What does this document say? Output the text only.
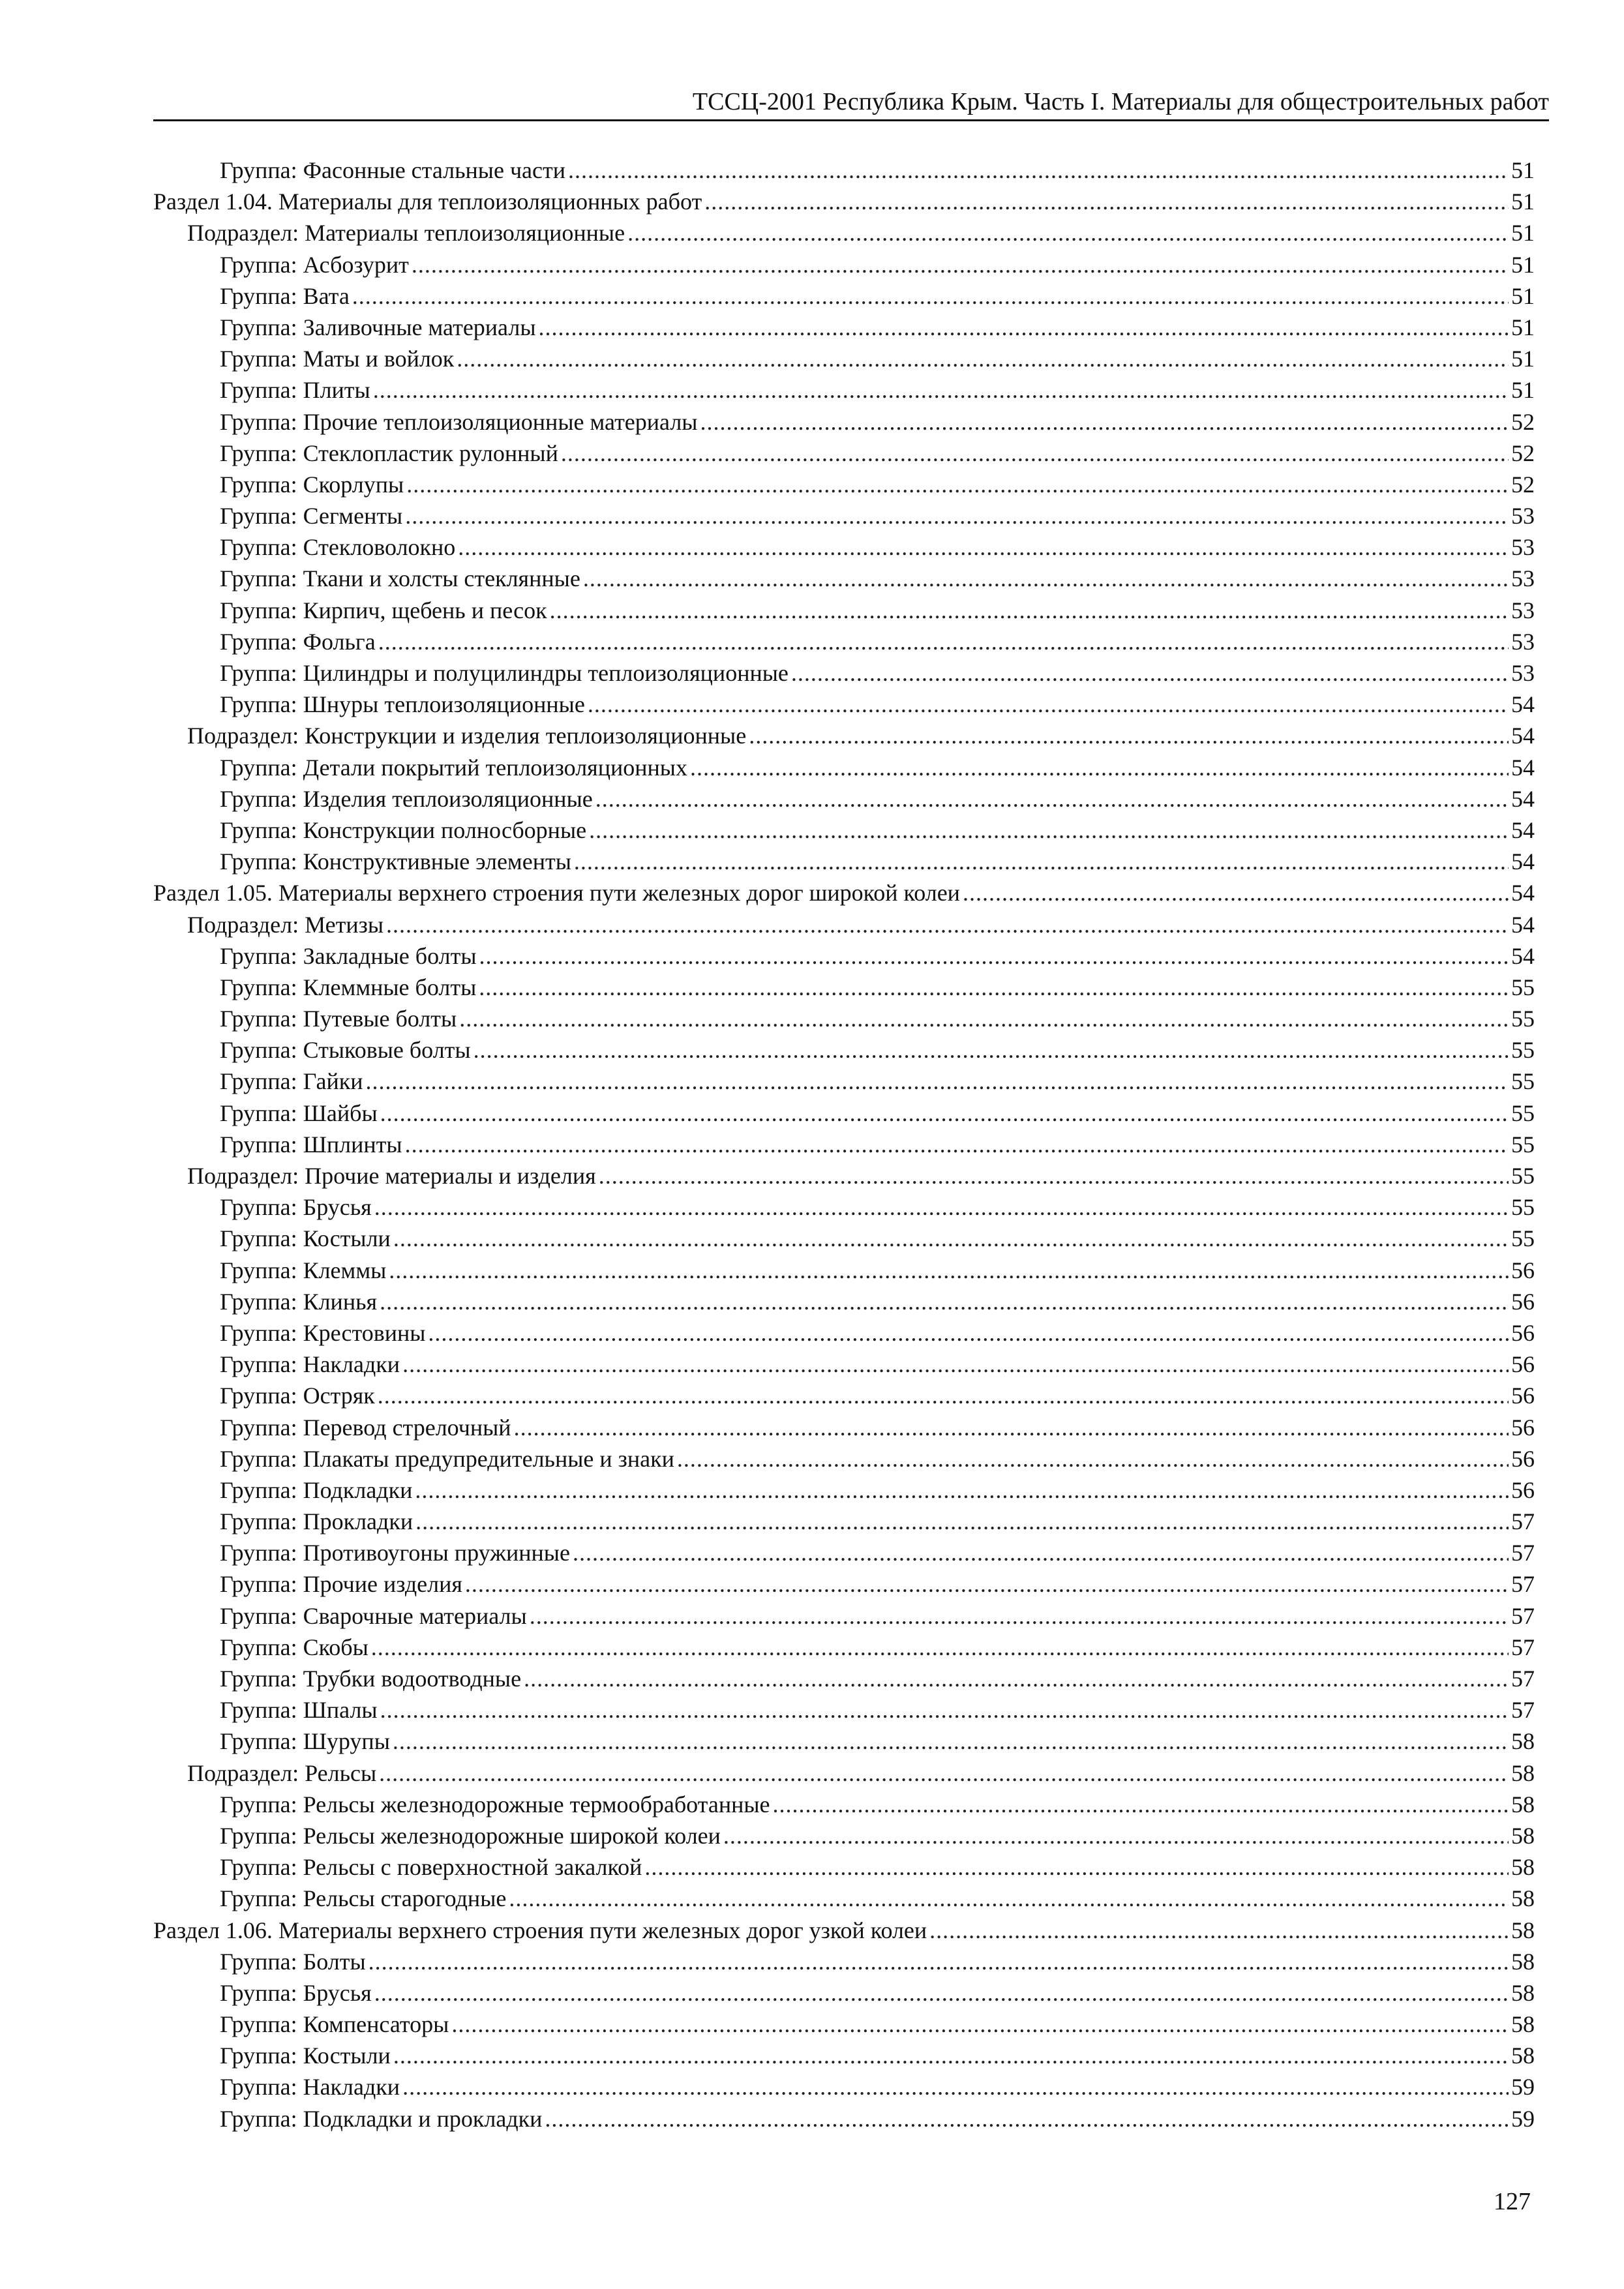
ТССЦ-2001 Республика Крым. Часть I. Материалы для общестроительных работ
Группа: Фасонные стальные части .....	51
Раздел 1.04. Материалы для теплоизоляционных работ .....	51
Подраздел: Материалы теплоизоляционные .....	51
Группа: Асбозурит .....	51
Группа: Вата .....	51
Группа: Заливочные материалы .....	51
Группа: Маты и войлок .....	51
Группа: Плиты .....	51
Группа: Прочие теплоизоляционные материалы .....	52
Группа: Стеклопластик рулонный .....	52
Группа: Скорлупы .....	52
Группа: Сегменты .....	53
Группа: Стекловолокно .....	53
Группа: Ткани и холсты стеклянные .....	53
Группа: Кирпич, щебень и песок .....	53
Группа: Фольга .....	53
Группа: Цилиндры и полуцилиндры теплоизоляционные .....	53
Группа: Шнуры теплоизоляционные .....	54
Подраздел: Конструкции и изделия теплоизоляционные .....	54
Группа: Детали покрытий теплоизоляционных .....	54
Группа: Изделия теплоизоляционные .....	54
Группа: Конструкции полносборные .....	54
Группа: Конструктивные элементы .....	54
Раздел 1.05. Материалы верхнего строения пути железных дорог широкой колеи .....	54
Подраздел: Метизы .....	54
Группа: Закладные болты .....	54
Группа: Клеммные болты .....	55
Группа: Путевые болты .....	55
Группа: Стыковые болты .....	55
Группа: Гайки .....	55
Группа: Шайбы .....	55
Группа: Шплинты .....	55
Подраздел: Прочие материалы и изделия .....	55
Группа: Брусья .....	55
Группа: Костыли .....	55
Группа: Клеммы .....	56
Группа: Клинья .....	56
Группа: Крестовины .....	56
Группа: Накладки .....	56
Группа: Остряк .....	56
Группа: Перевод стрелочный .....	56
Группа: Плакаты предупредительные и знаки .....	56
Группа: Подкладки .....	56
Группа: Прокладки .....	57
Группа: Противоугоны пружинные .....	57
Группа: Прочие изделия .....	57
Группа: Сварочные материалы .....	57
Группа: Скобы .....	57
Группа: Трубки водоотводные .....	57
Группа: Шпалы .....	57
Группа: Шурупы .....	58
Подраздел: Рельсы .....	58
Группа: Рельсы железнодорожные термообработанные .....	58
Группа: Рельсы железнодорожные широкой колеи .....	58
Группа: Рельсы с поверхностной закалкой .....	58
Группа: Рельсы старогодные .....	58
Раздел 1.06. Материалы верхнего строения пути железных дорог узкой колеи .....	58
Группа: Болты .....	58
Группа: Брусья .....	58
Группа: Компенсаторы .....	58
Группа: Костыли .....	58
Группа: Накладки .....	59
Группа: Подкладки и прокладки .....	59
127
